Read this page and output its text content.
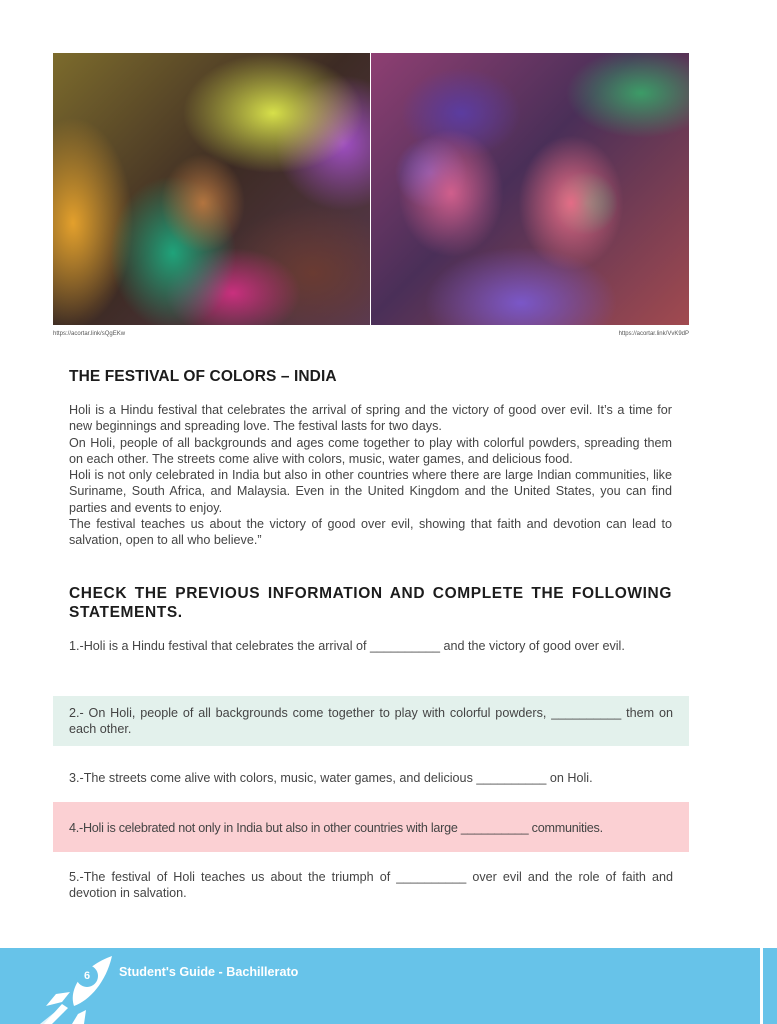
https://acortar.link/sQgEKw	https://acortar.link/VvK9dP
THE FESTIVAL OF COLORS – INDIA

Holi is a Hindu festival that celebrates the arrival of spring and the victory of good over evil. It’s a time for new beginnings and spreading love. The festival lasts for two days.

On Holi, people of all backgrounds and ages come together to play with colorful powders, spreading them on each other. The streets come alive with colors, music, water games, and delicious food.

Holi is not only celebrated in India but also in other countries where there are large Indian communities, like Suriname, South Africa, and Malaysia. Even in the United Kingdom and the United States, you can find parties and events to enjoy.

The festival teaches us about the victory of good over evil, showing that faith and devotion can lead to salvation, open to all who believe.”

CHECK THE PREVIOUS INFORMATION AND COMPLETE THE FOLLOWING STATEMENTS.
1.-Holi is a Hindu festival that celebrates the arrival of __________ and the victory of good over evil.
2.- On Holi, people of all backgrounds come together to play with colorful powders, __________ them on each other.
3.-The streets come alive with colors, music, water games, and delicious __________ on Holi.
4.-Holi is celebrated not only in India but also in other countries with large __________ communities.
5.-The festival of Holi teaches us about the triumph of __________ over evil and the role of faith and devotion in salvation.
6	Student's Guide - Bachillerato
